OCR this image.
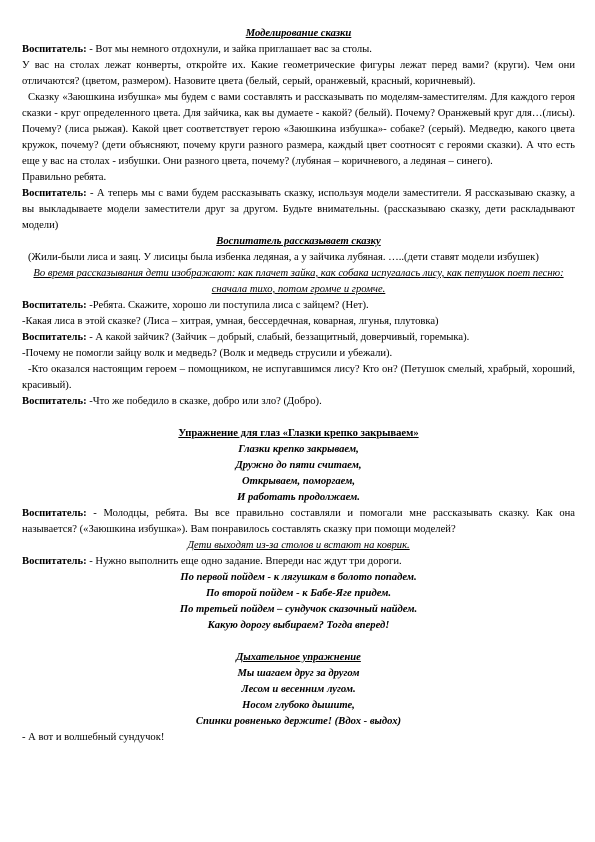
Моделирование сказки

Воспитатель: - Вот мы немного отдохнули, и зайка приглашает вас за столы.

У вас на столах лежат конверты, откройте их. Какие геометрические фигуры лежат перед вами? (круги). Чем они отличаются? (цветом, размером). Назовите цвета (белый, серый, оранжевый, красный, коричневый).

Сказку «Заюшкина избушка» мы будем с вами составлять и рассказывать по моделям-заместителям. Для каждого героя сказки - круг определенного цвета. Для зайчика, как вы думаете - какой? (белый). Почему? Оранжевый круг для…(лисы). Почему? (лиса рыжая). Какой цвет соответствует герою «Заюшкина избушка»- собаке? (серый). Медведю, какого цвета кружок, почему? (дети объясняют, почему круги разного размера, каждый цвет соотносят с героями сказки). А что есть еще у вас на столах - избушки. Они разного цвета, почему? (лубяная – коричневого, а ледяная – синего).

Правильно ребята.

Воспитатель: - А теперь мы с вами будем рассказывать сказку, используя модели заместители. Я рассказываю сказку, а вы выкладываете модели заместители друг за другом. Будьте внимательны. (рассказываю сказку, дети раскладывают модели)

Воспитатель рассказывает сказку

(Жили-были лиса и заяц. У лисицы была избенка ледяная, а у зайчика лубяная. …..(дети ставят модели избушек)

Во время рассказывания дети изображают: как плачет зайка, как собака испугалась лису, как петушок поет песню: сначала тихо, потом громче и громче.

Воспитатель: -Ребята. Скажите, хорошо ли поступила лиса с зайцем? (Нет).

-Какая лиса в этой сказке? (Лиса – хитрая, умная, бессердечная, коварная, лгунья, плутовка)

Воспитатель: - А какой зайчик? (Зайчик – добрый, слабый, беззащитный, доверчивый, горемыка).

-Почему не помогли зайцу волк и медведь? (Волк и медведь струсили и убежали).

-Кто оказался настоящим героем – помощником, не испугавшимся лису? Кто он? (Петушок смелый, храбрый, хороший, красивый).

Воспитатель: -Что же победило в сказке, добро или зло? (Добро).

Упражнение для глаз «Глазки крепко закрываем»

Глазки крепко закрываем,

Дружно до пяти считаем,

Открываем, поморгаем,

И работать продолжаем.

Воспитатель: - Молодцы, ребята. Вы все правильно составляли и помогали мне рассказывать сказку. Как она называется? («Заюшкина избушка»). Вам понравилось составлять сказку при помощи моделей?

Дети выходят из-за столов и встают на коврик.

Воспитатель: - Нужно выполнить еще одно задание. Впереди нас ждут три дороги.

По первой пойдем - к лягушкам в болото попадем.

По второй пойдем - к Бабе-Яге придем.

По третьей пойдем – сундучок сказочный найдем.

Какую дорогу выбираем? Тогда вперед!

Дыхательное упражнение

Мы шагаем друг за другом

Лесом и весенним лугом.

Носом глубоко дышите,

Спинки ровненько держите! (Вдох - выдох)

- А вот и волшебный сундучок!
